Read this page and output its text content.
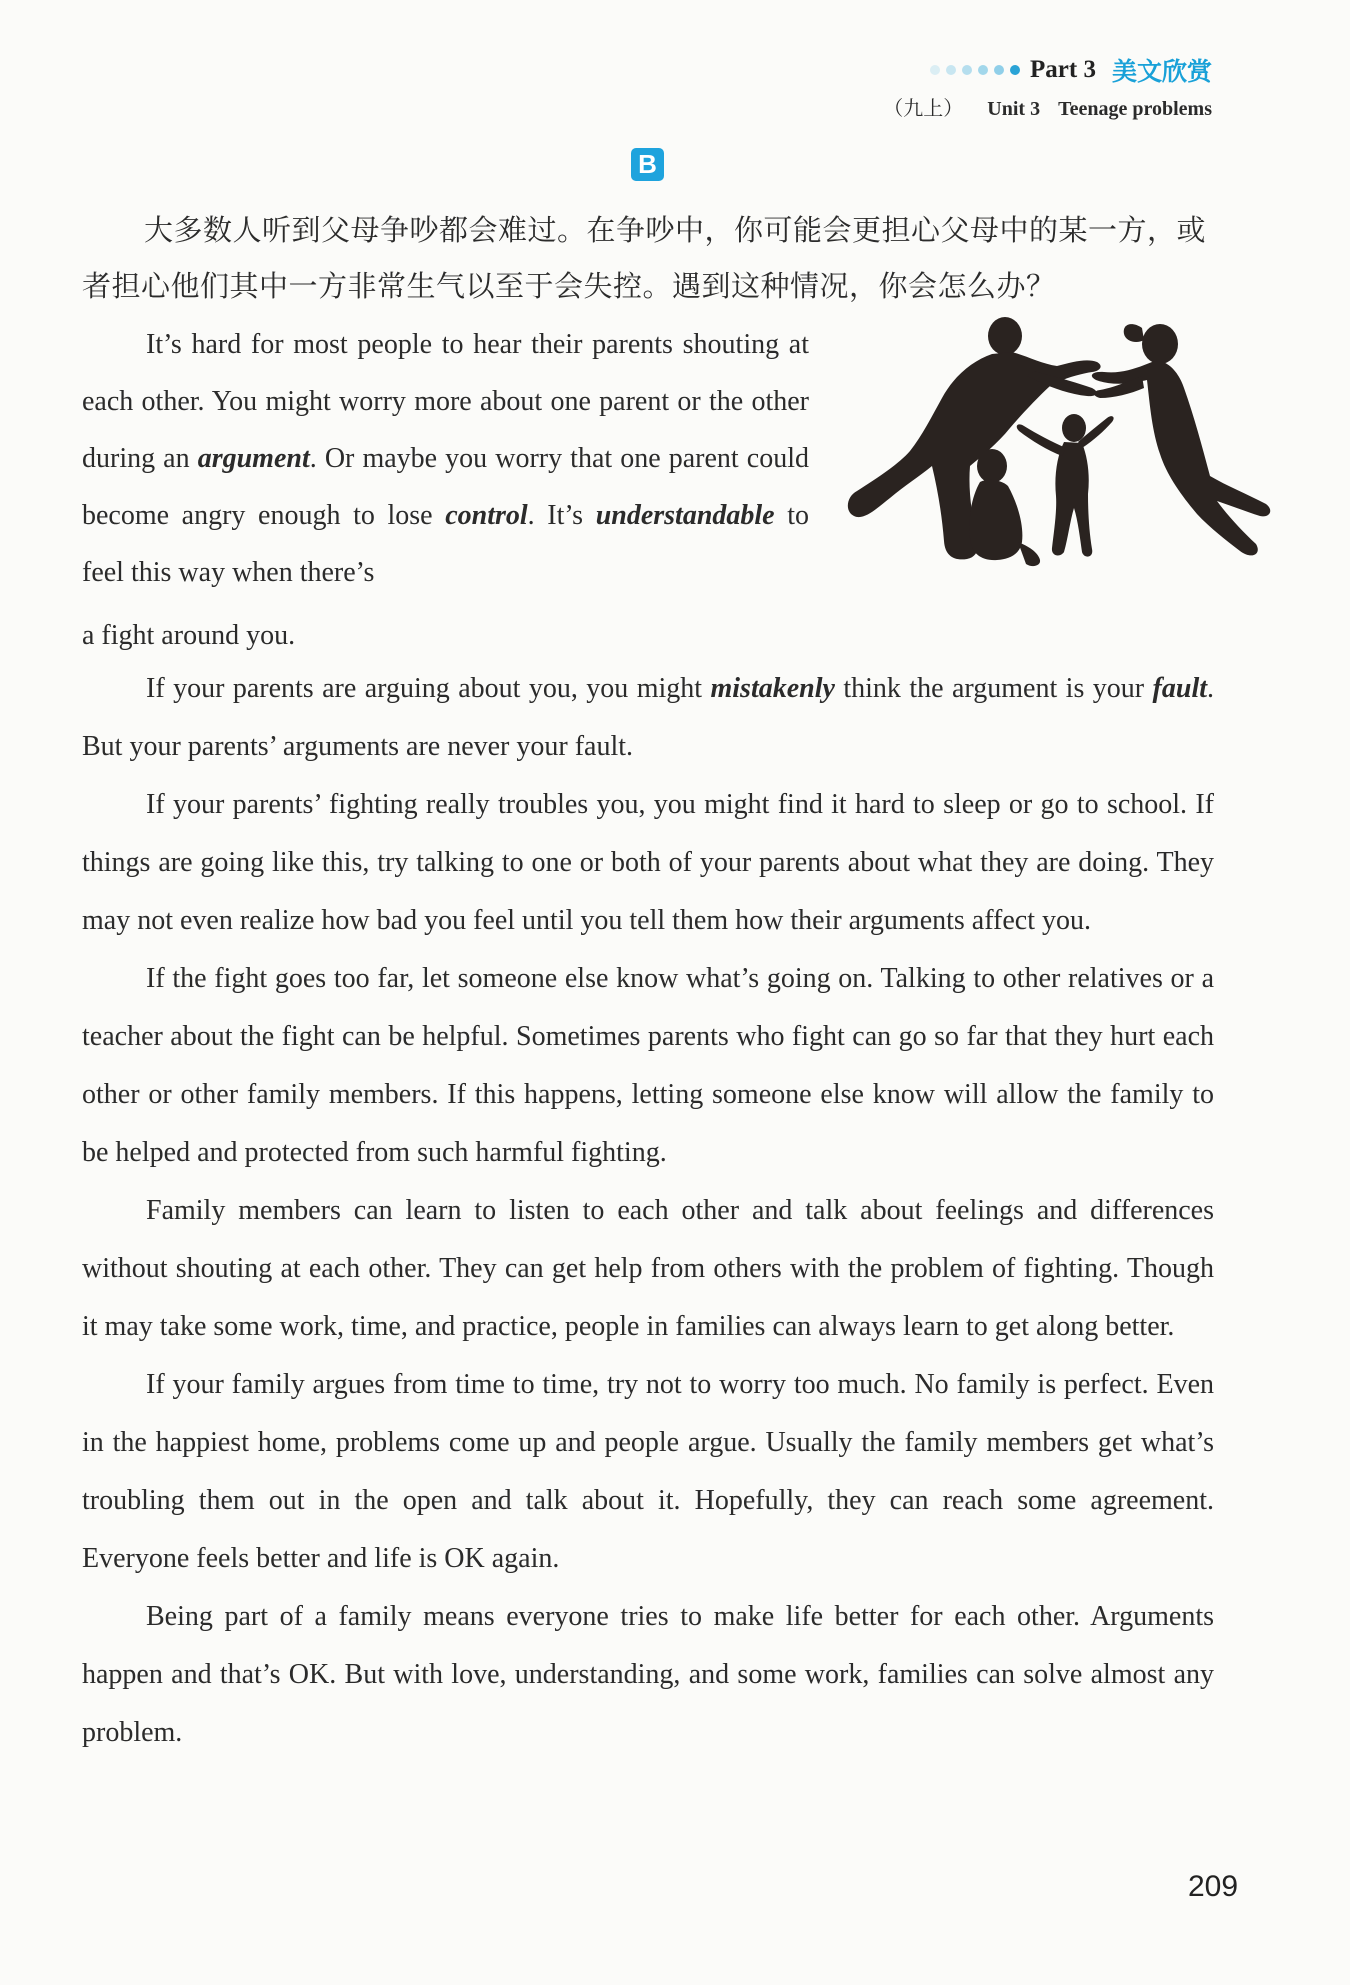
Part 3 美文欣赏
（九上） Unit 3 Teenage problems
B
大多数人听到父母争吵都会难过。在争吵中，你可能会更担心父母中的某一方，或者担心他们其中一方非常生气以至于会失控。遇到这种情况，你会怎么办？
It’s hard for most people to hear their parents shouting at each other. You might worry more about one parent or the other during an argument. Or maybe you worry that one parent could become angry enough to lose control. It’s understandable to feel this way when there’s
a fight around you.

If your parents are arguing about you, you might mistakenly think the argument is your fault. But your parents’ arguments are never your fault.

If your parents’ fighting really troubles you, you might find it hard to sleep or go to school. If things are going like this, try talking to one or both of your parents about what they are doing. They may not even realize how bad you feel until you tell them how their arguments affect you.

If the fight goes too far, let someone else know what’s going on. Talking to other relatives or a teacher about the fight can be helpful. Sometimes parents who fight can go so far that they hurt each other or other family members. If this happens, letting someone else know will allow the family to be helped and protected from such harmful fighting.

Family members can learn to listen to each other and talk about feelings and differences without shouting at each other. They can get help from others with the problem of fighting. Though it may take some work, time, and practice, people in families can always learn to get along better.

If your family argues from time to time, try not to worry too much. No family is perfect. Even in the happiest home, problems come up and people argue. Usually the family members get what’s troubling them out in the open and talk about it. Hopefully, they can reach some agreement. Everyone feels better and life is OK again.

Being part of a family means everyone tries to make life better for each other. Arguments happen and that’s OK. But with love, understanding, and some work, families can solve almost any problem.

209
